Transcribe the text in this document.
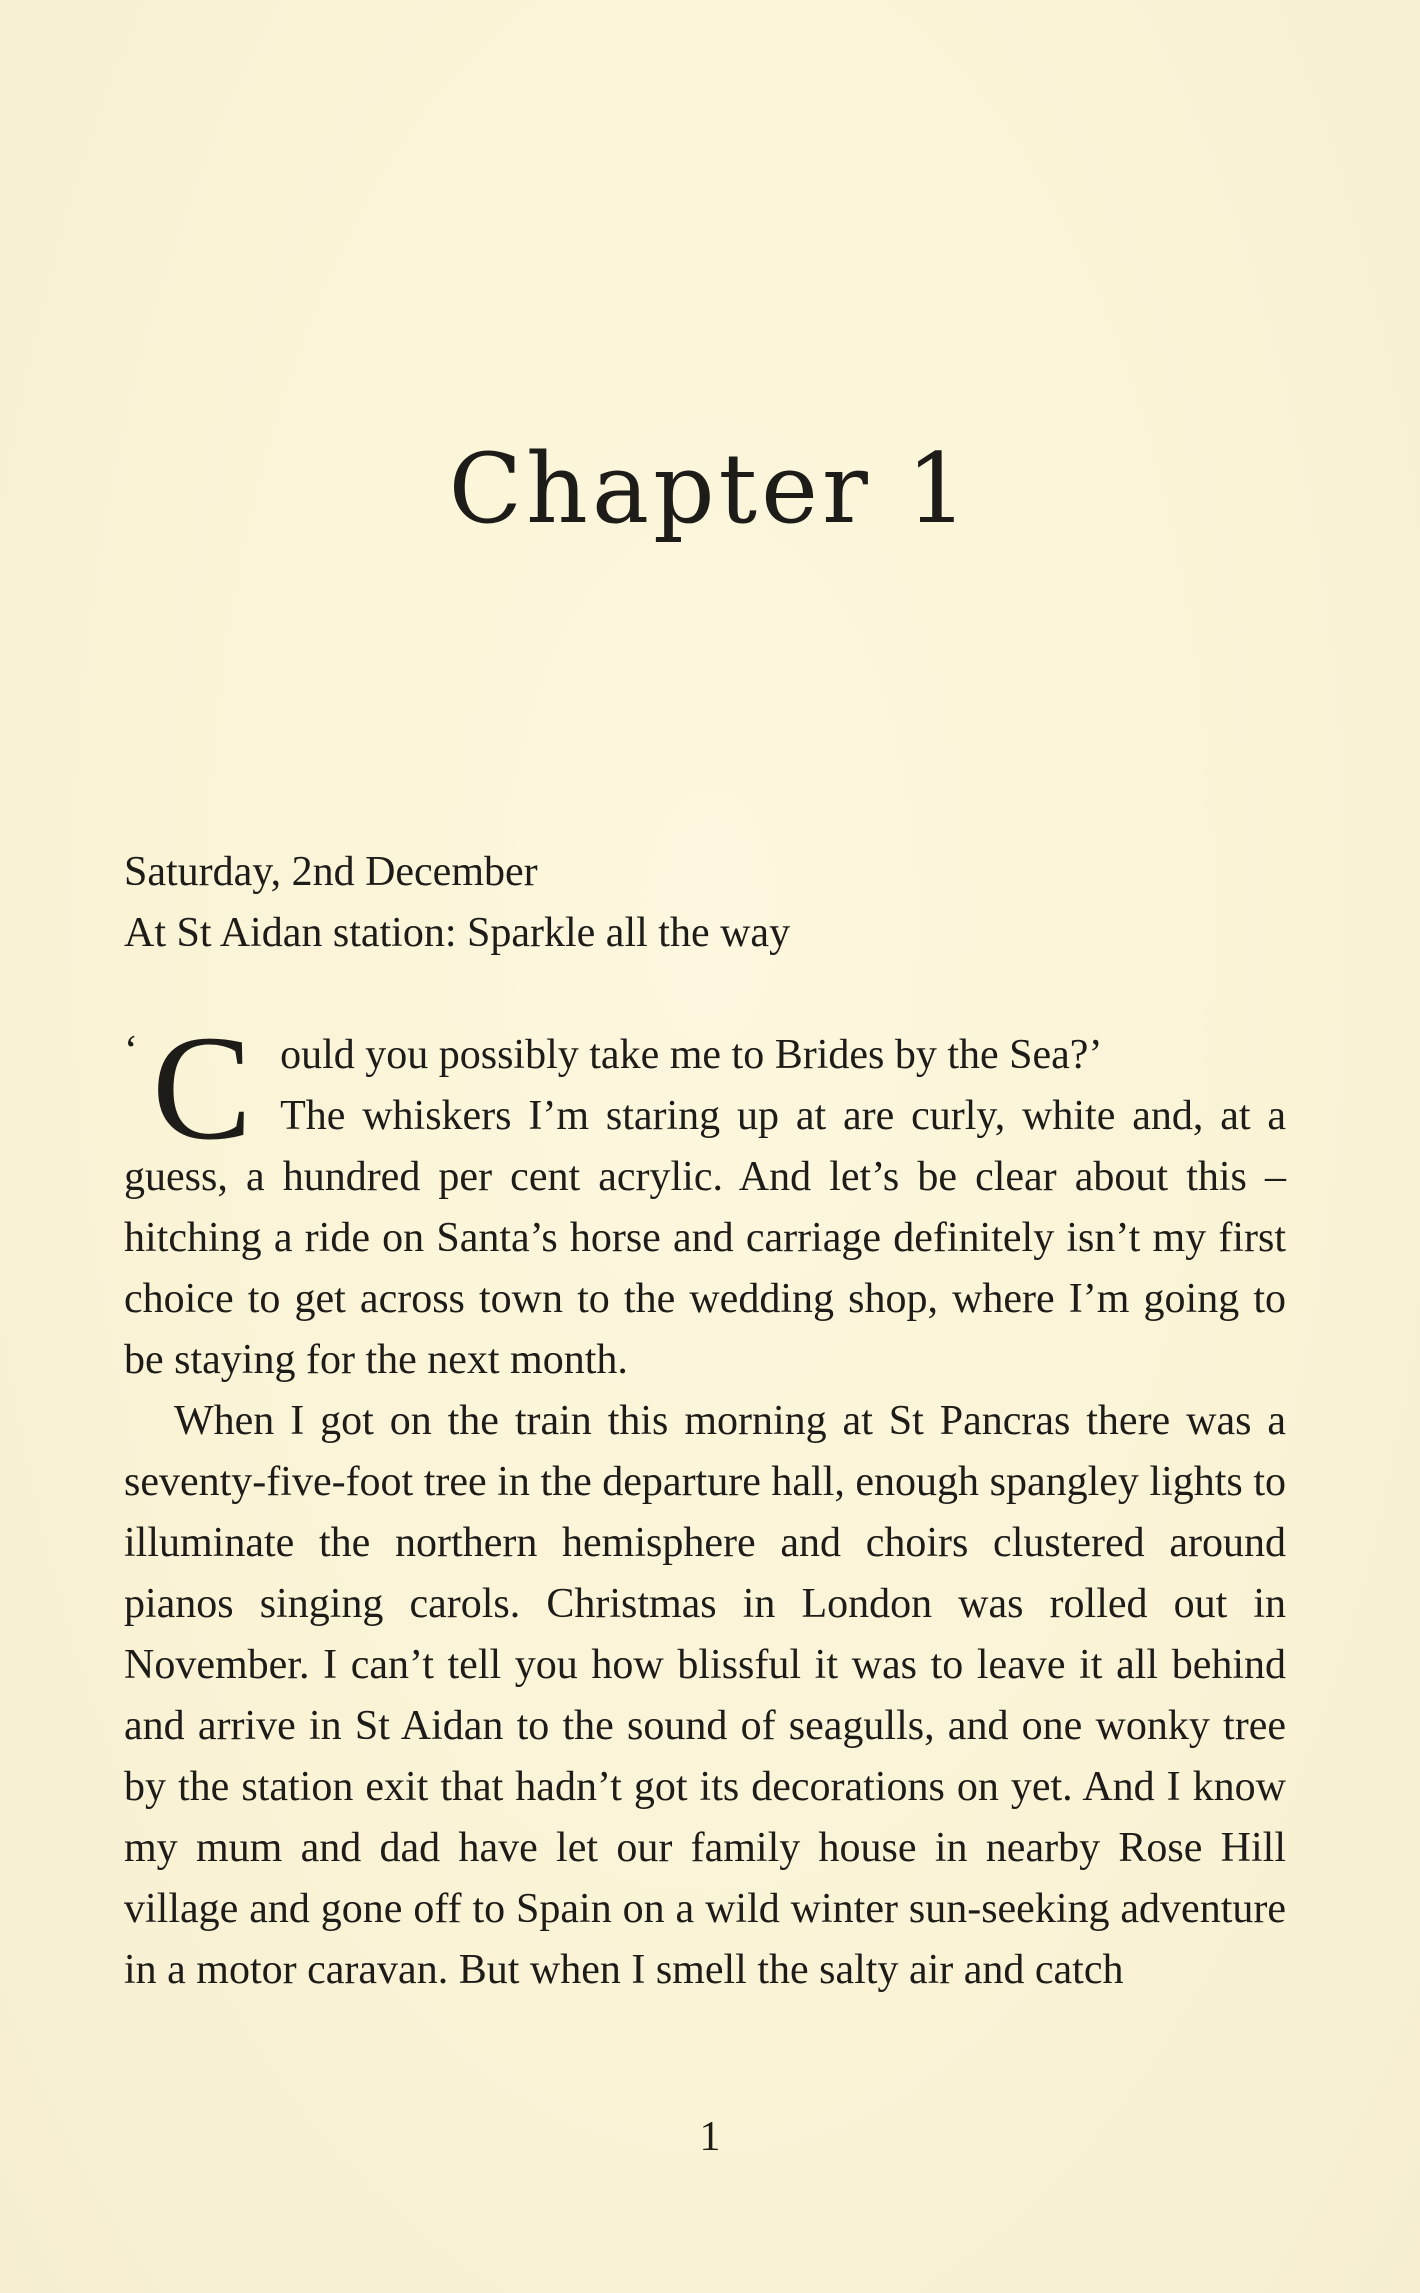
Chapter 1
Saturday, 2nd December
At St Aidan station: Sparkle all the way

‘ C ould you possibly take me to Brides by the Sea?’
The whiskers I’m staring up at are curly, white and, at a guess, a hundred per cent acrylic. And let’s be clear about this – hitching a ride on Santa’s horse and carriage definitely isn’t my first choice to get across town to the wedding shop, where I’m going to be staying for the next month.

When I got on the train this morning at St Pancras there was a seventy-five-foot tree in the departure hall, enough spangley lights to illuminate the northern hemisphere and choirs clustered around pianos singing carols. Christmas in London was rolled out in November. I can’t tell you how blissful it was to leave it all behind and arrive in St Aidan to the sound of seagulls, and one wonky tree by the station exit that hadn’t got its decorations on yet. And I know my mum and dad have let our family house in nearby Rose Hill village and gone off to Spain on a wild winter sun-seeking adventure in a motor caravan. But when I smell the salty air and catch

1
